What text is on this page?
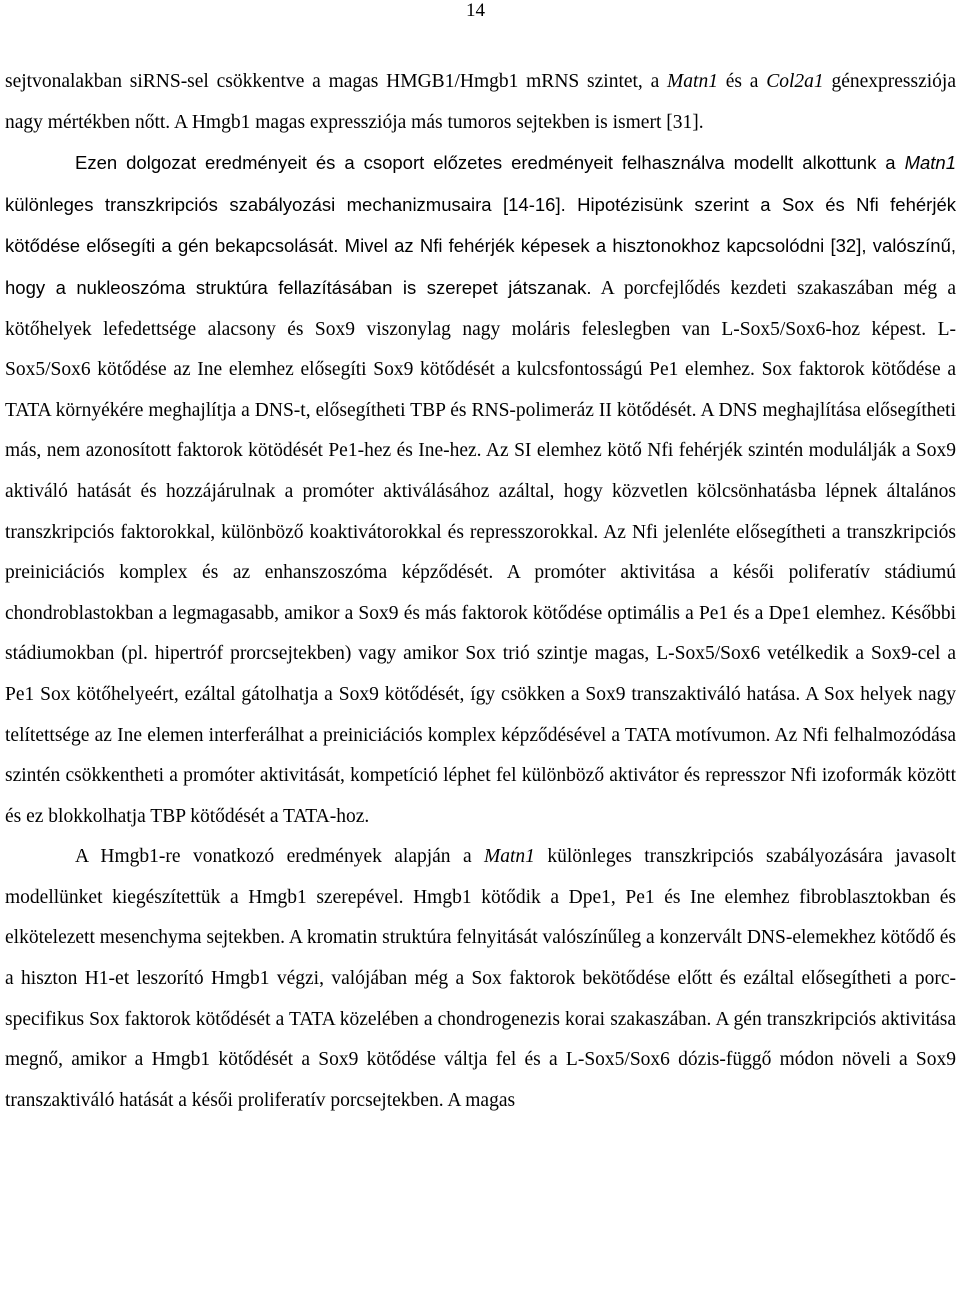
14

sejtvonalakban siRNS-sel csökkentve a magas HMGB1/Hmgb1 mRNS szintet, a Matn1 és a Col2a1 génexpressziója nagy mértékben nőtt. A Hmgb1 magas expressziója más tumoros sejtekben is ismert [31].

Ezen dolgozat eredményeit és a csoport előzetes eredményeit felhasználva modellt alkottunk a Matn1 különleges transzkripciós szabályozási mechanizmusaira [14-16]. Hipotézisünk szerint a Sox és Nfi fehérjék kötődése elősegíti a gén bekapcsolását. Mivel az Nfi fehérjék képesek a hisztonokhoz kapcsolódni [32], valószínű, hogy a nukleoszóma struktúra fellazításában is szerepet játszanak. A porcfejlődés kezdeti szakaszában még a kötőhelyek lefedettsége alacsony és Sox9 viszonylag nagy moláris feleslegben van L-Sox5/Sox6-hoz képest. L-Sox5/Sox6 kötődése az Ine elemhez elősegíti Sox9 kötődését a kulcsfontosságú Pe1 elemhez. Sox faktorok kötődése a TATA környékére meghajlítja a DNS-t, elősegítheti TBP és RNS-polimeráz II kötődését. A DNS meghajlítása elősegítheti más, nem azonosított faktorok kötödését Pe1-hez és Ine-hez. Az SI elemhez kötő Nfi fehérjék szintén modulálják a Sox9 aktiváló hatását és hozzájárulnak a promóter aktiválásához azáltal, hogy közvetlen kölcsönhatásba lépnek általános transzkripciós faktorokkal, különböző koaktivátorokkal és represszorokkal. Az Nfi jelenléte elősegítheti a transzkripciós preiniciációs komplex és az enhanszoszóma képződését. A promóter aktivitása a késői poliferatív stádiumú chondroblastokban a legmagasabb, amikor a Sox9 és más faktorok kötődése optimális a Pe1 és a Dpe1 elemhez. Későbbi stádiumokban (pl. hipertróf prorcsejtekben) vagy amikor Sox trió szintje magas, L-Sox5/Sox6 vetélkedik a Sox9-cel a Pe1 Sox kötőhelyeért, ezáltal gátolhatja a Sox9 kötődését, így csökken a Sox9 transzaktiváló hatása. A Sox helyek nagy telítettsége az Ine elemen interferálhat a preiniciációs komplex képződésével a TATA motívumon. Az Nfi felhalmozódása szintén csökkentheti a promóter aktivitását, kompetíció léphet fel különböző aktivátor és represszor Nfi izoformák között és ez blokkolhatja TBP kötődését a TATA-hoz.

A Hmgb1-re vonatkozó eredmények alapján a Matn1 különleges transzkripciós szabályozására javasolt modellünket kiegészítettük a Hmgb1 szerepével. Hmgb1 kötődik a Dpe1, Pe1 és Ine elemhez fibroblasztokban és elkötelezett mesenchyma sejtekben. A kromatin struktúra felnyitását valószínűleg a konzervált DNS-elemekhez kötődő és a hiszton H1-et leszorító Hmgb1 végzi, valójában még a Sox faktorok bekötődése előtt és ezáltal elősegítheti a porc-specifikus Sox faktorok kötődését a TATA közelében a chondrogenezis korai szakaszában. A gén transzkripciós aktivitása megnő, amikor a Hmgb1 kötődését a Sox9 kötődése váltja fel és a L-Sox5/Sox6 dózis-függő módon növeli a Sox9 transzaktiváló hatását a késői proliferatív porcsejtekben. A magas
